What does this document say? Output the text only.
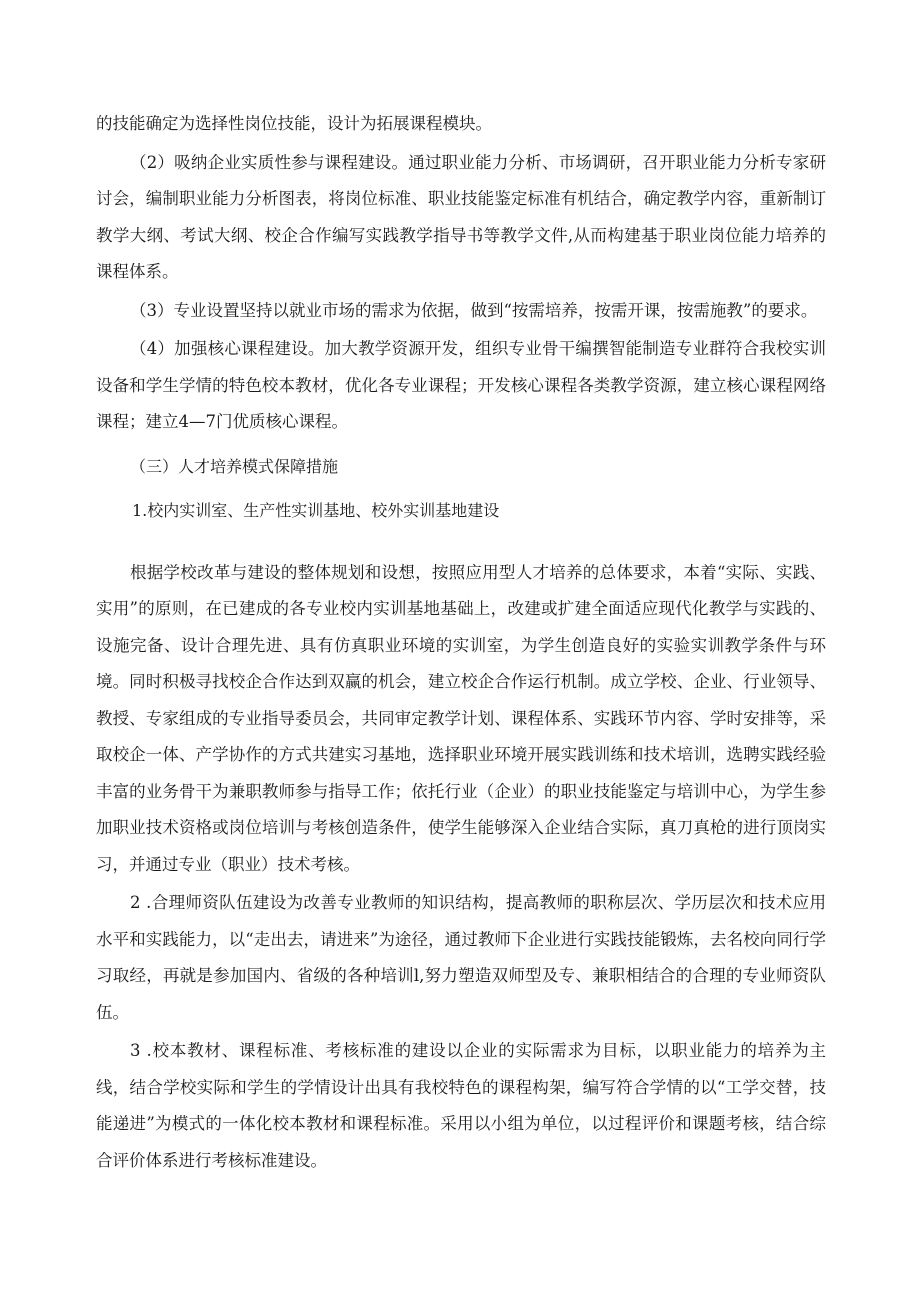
的技能确定为选择性岗位技能，设计为拓展课程模块。

（2）吸纳企业实质性参与课程建设。通过职业能力分析、市场调研，召开职业能力分析专家研讨会，编制职业能力分析图表，将岗位标准、职业技能鉴定标准有机结合，确定教学内容，重新制订教学大纲、考试大纲、校企合作编写实践教学指导书等教学文件,从而构建基于职业岗位能力培养的课程体系。

（3）专业设置坚持以就业市场的需求为依据，做到“按需培养，按需开课，按需施教”的要求。

（4）加强核心课程建设。加大教学资源开发，组织专业骨干编撰智能制造专业群符合我校实训设备和学生学情的特色校本教材，优化各专业课程；开发核心课程各类教学资源，建立核心课程网络课程；建立4—7门优质核心课程。

（三）人才培养模式保障措施

1.校内实训室、生产性实训基地、校外实训基地建设

根据学校改革与建设的整体规划和设想，按照应用型人才培养的总体要求，本着“实际、实践、实用”的原则，在已建成的各专业校内实训基地基础上，改建或扩建全面适应现代化教学与实践的、设施完备、设计合理先进、具有仿真职业环境的实训室，为学生创造良好的实验实训教学条件与环境。同时积极寻找校企合作达到双赢的机会，建立校企合作运行机制。成立学校、企业、行业领导、教授、专家组成的专业指导委员会，共同审定教学计划、课程体系、实践环节内容、学时安排等，采取校企一体、产学协作的方式共建实习基地，选择职业环境开展实践训练和技术培训，选聘实践经验丰富的业务骨干为兼职教师参与指导工作；依托行业（企业）的职业技能鉴定与培训中心，为学生参加职业技术资格或岗位培训与考核创造条件，使学生能够深入企业结合实际，真刀真枪的进行顶岗实习，并通过专业（职业）技术考核。

2 .合理师资队伍建设为改善专业教师的知识结构，提高教师的职称层次、学历层次和技术应用水平和实践能力，以“走出去，请进来”为途径，通过教师下企业进行实践技能锻炼，去名校向同行学习取经，再就是参加国内、省级的各种培训l,努力塑造双师型及专、兼职相结合的合理的专业师资队伍。

3 .校本教材、课程标准、考核标准的建设以企业的实际需求为目标，以职业能力的培养为主线，结合学校实际和学生的学情设计出具有我校特色的课程构架，编写符合学情的以“工学交替，技能递进”为模式的一体化校本教材和课程标准。采用以小组为单位，以过程评价和课题考核，结合综合评价体系进行考核标准建设。
